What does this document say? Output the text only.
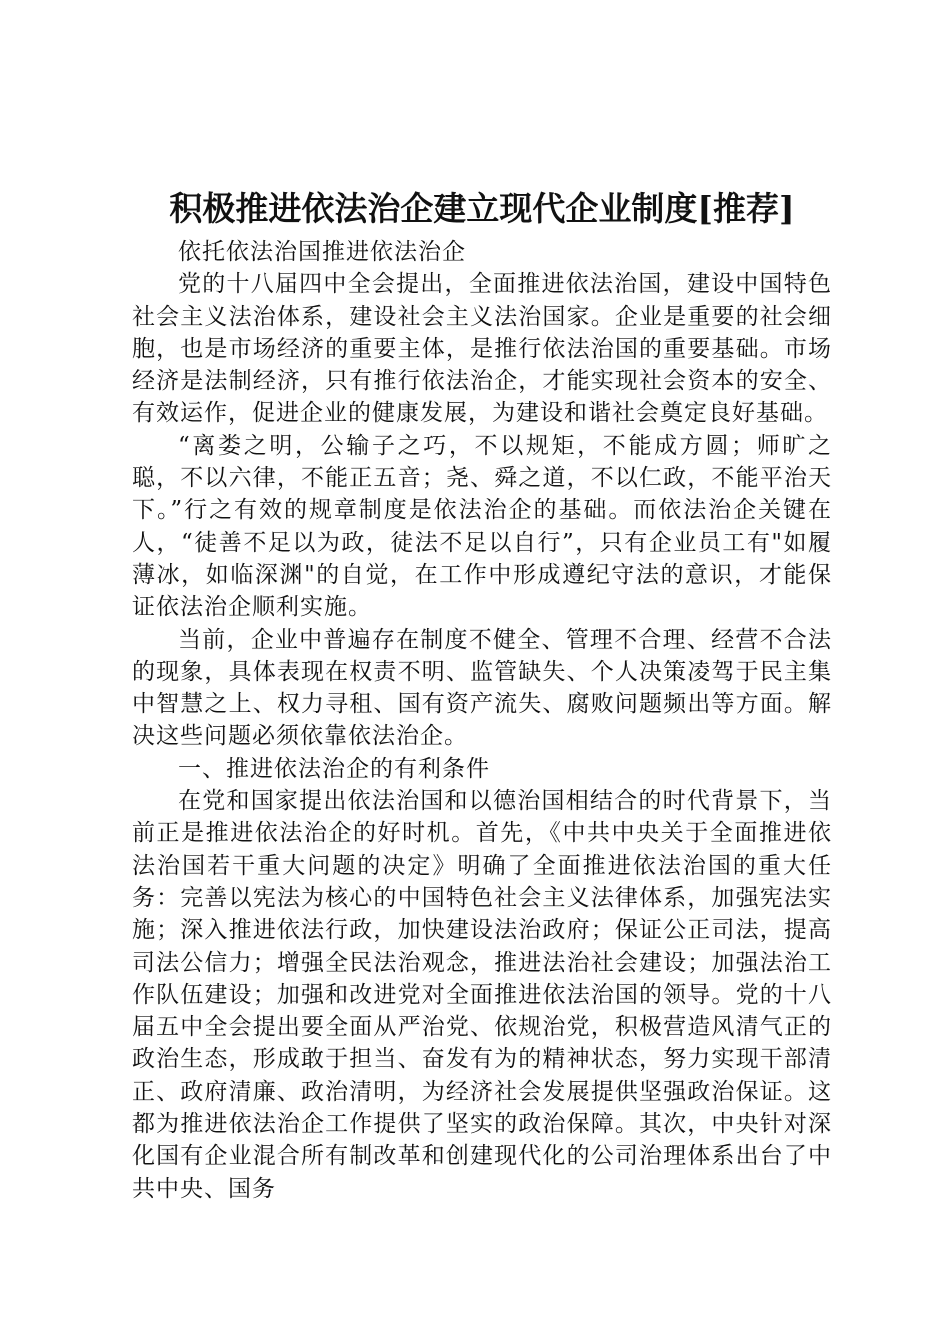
积极推进依法治企建立现代企业制度[推荐]

依托依法治国推进依法治企

党的十八届四中全会提出，全面推进依法治国，建设中国特色社会主义法治体系，建设社会主义法治国家。企业是重要的社会细胞，也是市场经济的重要主体，是推行依法治国的重要基础。市场经济是法制经济，只有推行依法治企，才能实现社会资本的安全、有效运作，促进企业的健康发展，为建设和谐社会奠定良好基础。

“离娄之明，公输子之巧，不以规矩，不能成方圆；师旷之聪，不以六律，不能正五音；尧、舜之道，不以仁政，不能平治天下。”行之有效的规章制度是依法治企的基础。而依法治企关键在人，“徒善不足以为政，徒法不足以自行”，只有企业员工有"如履薄冰，如临深渊"的自觉，在工作中形成遵纪守法的意识，才能保证依法治企顺利实施。

当前，企业中普遍存在制度不健全、管理不合理、经营不合法的现象，具体表现在权责不明、监管缺失、个人决策凌驾于民主集中智慧之上、权力寻租、国有资产流失、腐败问题频出等方面。解决这些问题必须依靠依法治企。

一、推进依法治企的有利条件

在党和国家提出依法治国和以德治国相结合的时代背景下，当前正是推进依法治企的好时机。首先，《中共中央关于全面推进依法治国若干重大问题的决定》明确了全面推进依法治国的重大任务：完善以宪法为核心的中国特色社会主义法律体系，加强宪法实施；深入推进依法行政，加快建设法治政府；保证公正司法，提高司法公信力；增强全民法治观念，推进法治社会建设；加强法治工作队伍建设；加强和改进党对全面推进依法治国的领导。党的十八届五中全会提出要全面从严治党、依规治党，积极营造风清气正的政治生态，形成敢于担当、奋发有为的精神状态，努力实现干部清正、政府清廉、政治清明，为经济社会发展提供坚强政治保证。这都为推进依法治企工作提供了坚实的政治保障。其次，中央针对深化国有企业混合所有制改革和创建现代化的公司治理体系出台了中共中央、国务
